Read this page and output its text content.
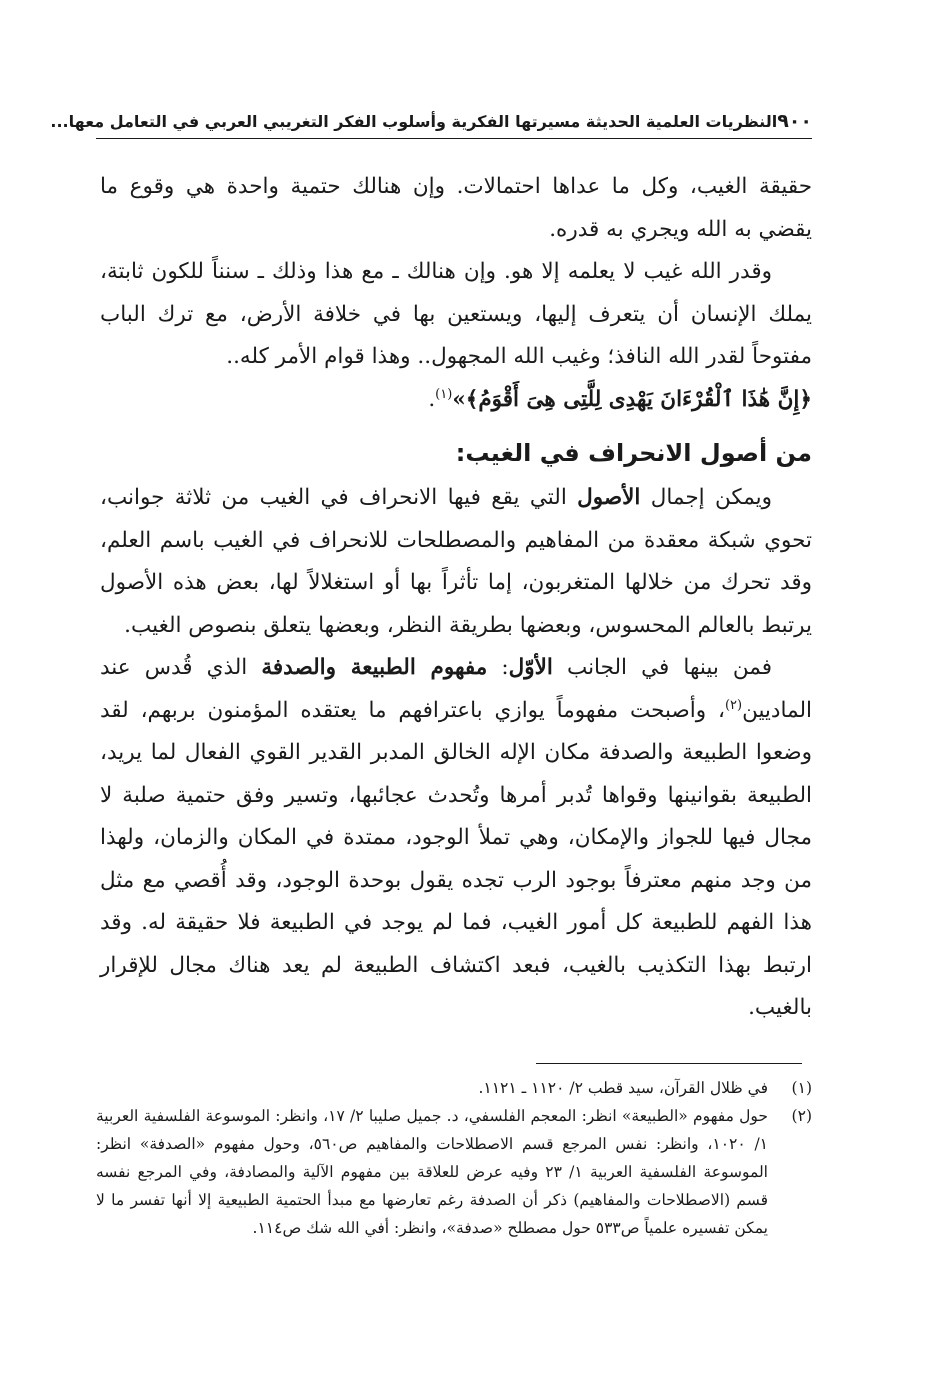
٩٠٠
النظريات العلمية الحديثة مسيرتها الفكرية وأسلوب الفكر التغريبي العربي في التعامل معها...

حقيقة الغيب، وكل ما عداها احتمالات. وإن هنالك حتمية واحدة هي وقوع ما يقضي به الله ويجري به قدره.

وقدر الله غيب لا يعلمه إلا هو. وإن هنالك ـ مع هذا وذلك ـ سنناً للكون ثابتة، يملك الإنسان أن يتعرف إليها، ويستعين بها في خلافة الأرض، مع ترك الباب مفتوحاً لقدر الله النافذ؛ وغيب الله المجهول.. وهذا قوام الأمر كله..

﴿إِنَّ هَٰذَا ٱلْقُرْءَانَ يَهْدِى لِلَّتِى هِىَ أَقْوَمُ﴾»$^{(١)}$.

من أصول الانحراف في الغيب:

ويمكن إجمال الأصول التي يقع فيها الانحراف في الغيب من ثلاثة جوانب، تحوي شبكة معقدة من المفاهيم والمصطلحات للانحراف في الغيب باسم العلم، وقد تحرك من خلالها المتغربون، إما تأثراً بها أو استغلالاً لها، بعض هذه الأصول يرتبط بالعالم المحسوس، وبعضها بطريقة النظر، وبعضها يتعلق بنصوص الغيب.

فمن بينها في الجانب الأوّل: مفهوم الطبيعة والصدفة الذي قُدس عند الماديين$^{(٢)}$، وأصبحت مفهوماً يوازي باعترافهم ما يعتقده المؤمنون بربهم، لقد وضعوا الطبيعة والصدفة مكان الإله الخالق المدبر القدير القوي الفعال لما يريد، الطبيعة بقوانينها وقواها تُدبر أمرها وتُحدث عجائبها، وتسير وفق حتمية صلبة لا مجال فيها للجواز والإمكان، وهي تملأ الوجود، ممتدة في المكان والزمان، ولهذا من وجد منهم معترفاً بوجود الرب تجده يقول بوحدة الوجود، وقد أُقصي مع مثل هذا الفهم للطبيعة كل أمور الغيب، فما لم يوجد في الطبيعة فلا حقيقة له. وقد ارتبط بهذا التكذيب بالغيب، فبعد اكتشاف الطبيعة لم يعد هناك مجال للإقرار بالغيب.

(١)
في ظلال القرآن، سيد قطب ٢/ ١١٢٠ ـ ١١٢١.
(٢)
حول مفهوم «الطبيعة» انظر: المعجم الفلسفي، د. جميل صليبا ٢/ ١٧، وانظر: الموسوعة الفلسفية العربية ١/ ١٠٢٠، وانظر: نفس المرجع قسم الاصطلاحات والمفاهيم ص٥٦٠، وحول مفهوم «الصدفة» انظر: الموسوعة الفلسفية العربية ١/ ٢٣ وفيه عرض للعلاقة بين مفهوم الآلية والمصادفة، وفي المرجع نفسه قسم (الاصطلاحات والمفاهيم) ذكر أن الصدفة رغم تعارضها مع مبدأ الحتمية الطبيعية إلا أنها تفسر ما لا يمكن تفسيره علمياً ص٥٣٣ حول مصطلح «صدفة»، وانظر: أفي الله شك ص١١٤.
